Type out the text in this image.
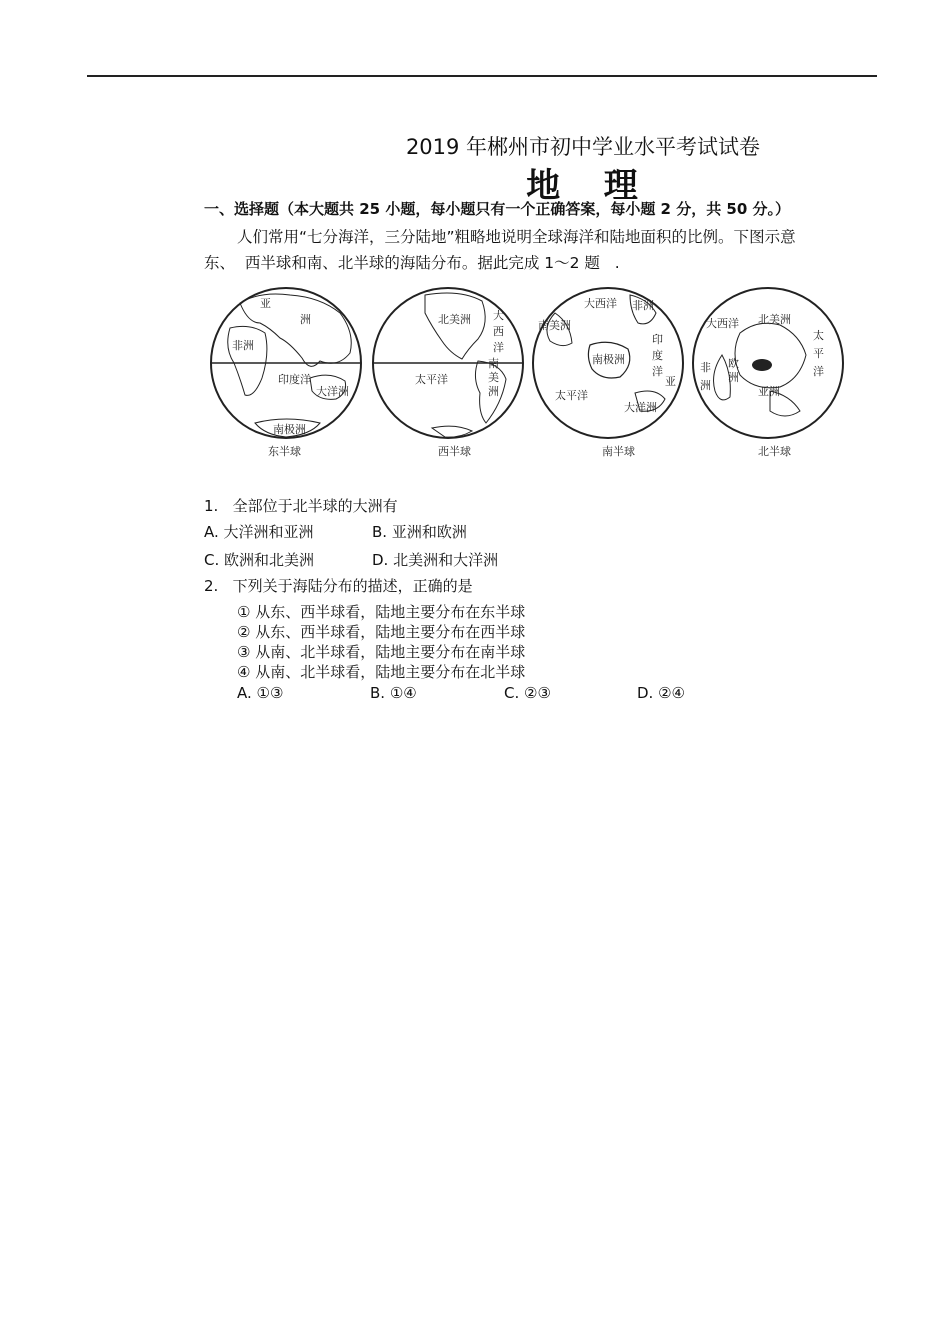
2019 年郴州市初中学业水平考试试卷
地   理
一、选择题（本大题共 25 小题，每小题只有一个正确答案，每小题 2 分，共 50 分。）
人们常用“七分海洋，三分陆地”粗略地说明全球海洋和陆地面积的比例。下图示意
东、  西半球和南、北半球的海陆分布。据此完成 1～2 题   .
亚
洲
非洲
印度洋
大洋洲
南极洲
东半球
北美洲 大
西
洋
南
美
洲
太平洋
西半球
大西洋 非洲
南美洲
南极洲
印
度
洋
太平洋
大洋洲
亚
南半球
大西洋 北美洲
太
平
洋
非
洲
欧
洲
亚洲
北半球
1.   全部位于北半球的大洲有
A. 大洋洲和亚洲	B. 亚洲和欧洲
C. 欧洲和北美洲	D. 北美洲和大洋洲
2.   下列关于海陆分布的描述，正确的是
① 从东、西半球看，陆地主要分布在东半球
② 从东、西半球看，陆地主要分布在西半球
③ 从南、北半球看，陆地主要分布在南半球
④ 从南、北半球看，陆地主要分布在北半球
A. ①③	B. ①④	C. ②③	D. ②④
